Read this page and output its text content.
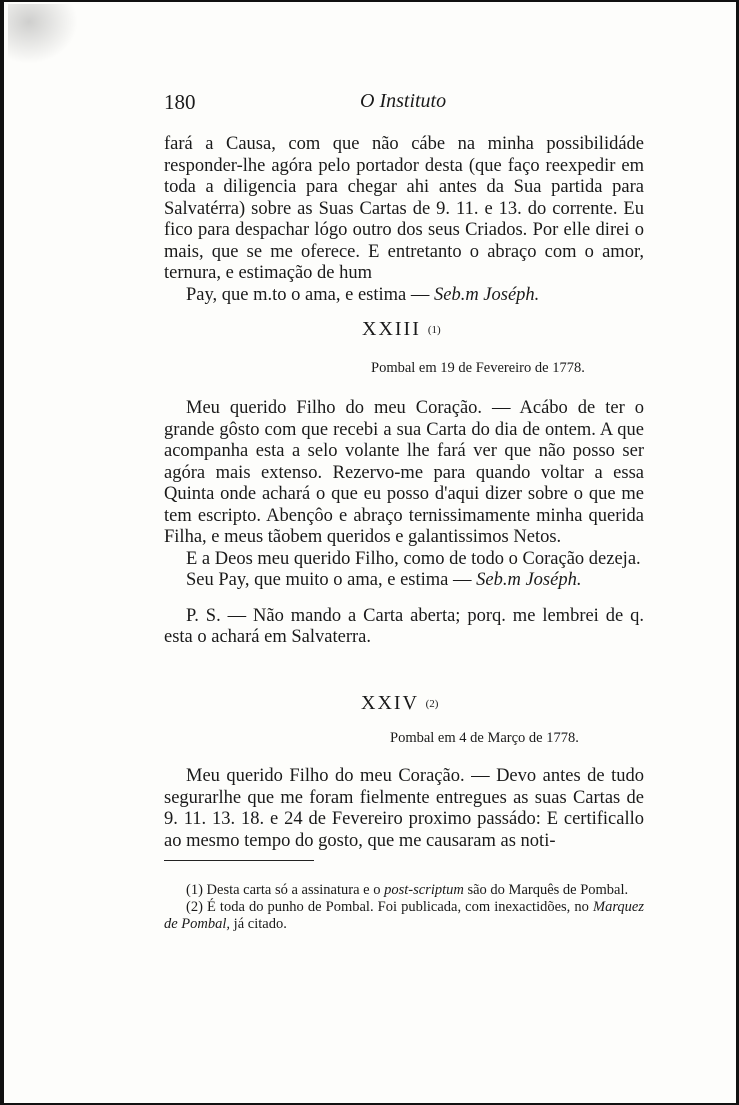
180	O Instituto

fará a Causa, com que não cábe na minha possibilidáde responder-lhe agóra pelo portador desta (que faço reexpedir em toda a diligencia para chegar ahi antes da Sua partida para Salvatérra) sobre as Suas Cartas de 9. 11. e 13. do corrente. Eu fico para despachar lógo outro dos seus Criados. Por elle direi o mais, que se me oferece. E entretanto o abraço com o amor, ternura, e estimação de hum

Pay, que m.to o ama, e estima — Seb.m Joséph.

XXIII (1)
Pombal em 19 de Fevereiro de 1778.

Meu querido Filho do meu Coração. — Acábo de ter o grande gôsto com que recebi a sua Carta do dia de ontem. A que acompanha esta a selo volante lhe fará ver que não posso ser agóra mais extenso. Rezervo-me para quando voltar a essa Quinta onde achará o que eu posso d'aqui dizer sobre o que me tem escripto. Abençôo e abraço ternissimamente minha querida Filha, e meus tãobem queridos e galantissimos Netos.

E a Deos meu querido Filho, como de todo o Coração dezeja.

Seu Pay, que muito o ama, e estima — Seb.m Joséph.

P. S. — Não mando a Carta aberta; porq. me lembrei de q. esta o achará em Salvaterra.

XXIV (2)
Pombal em 4 de Março de 1778.

Meu querido Filho do meu Coração. — Devo antes de tudo segurarlhe que me foram fielmente entregues as suas Cartas de 9. 11. 13. 18. e 24 de Fevereiro proximo passádo: E certificallo ao mesmo tempo do gosto, que me causaram as noti-

(1) Desta carta só a assinatura e o post-scriptum são do Marquês de Pombal.

(2) É toda do punho de Pombal. Foi publicada, com inexactidões, no Marquez de Pombal, já citado.
